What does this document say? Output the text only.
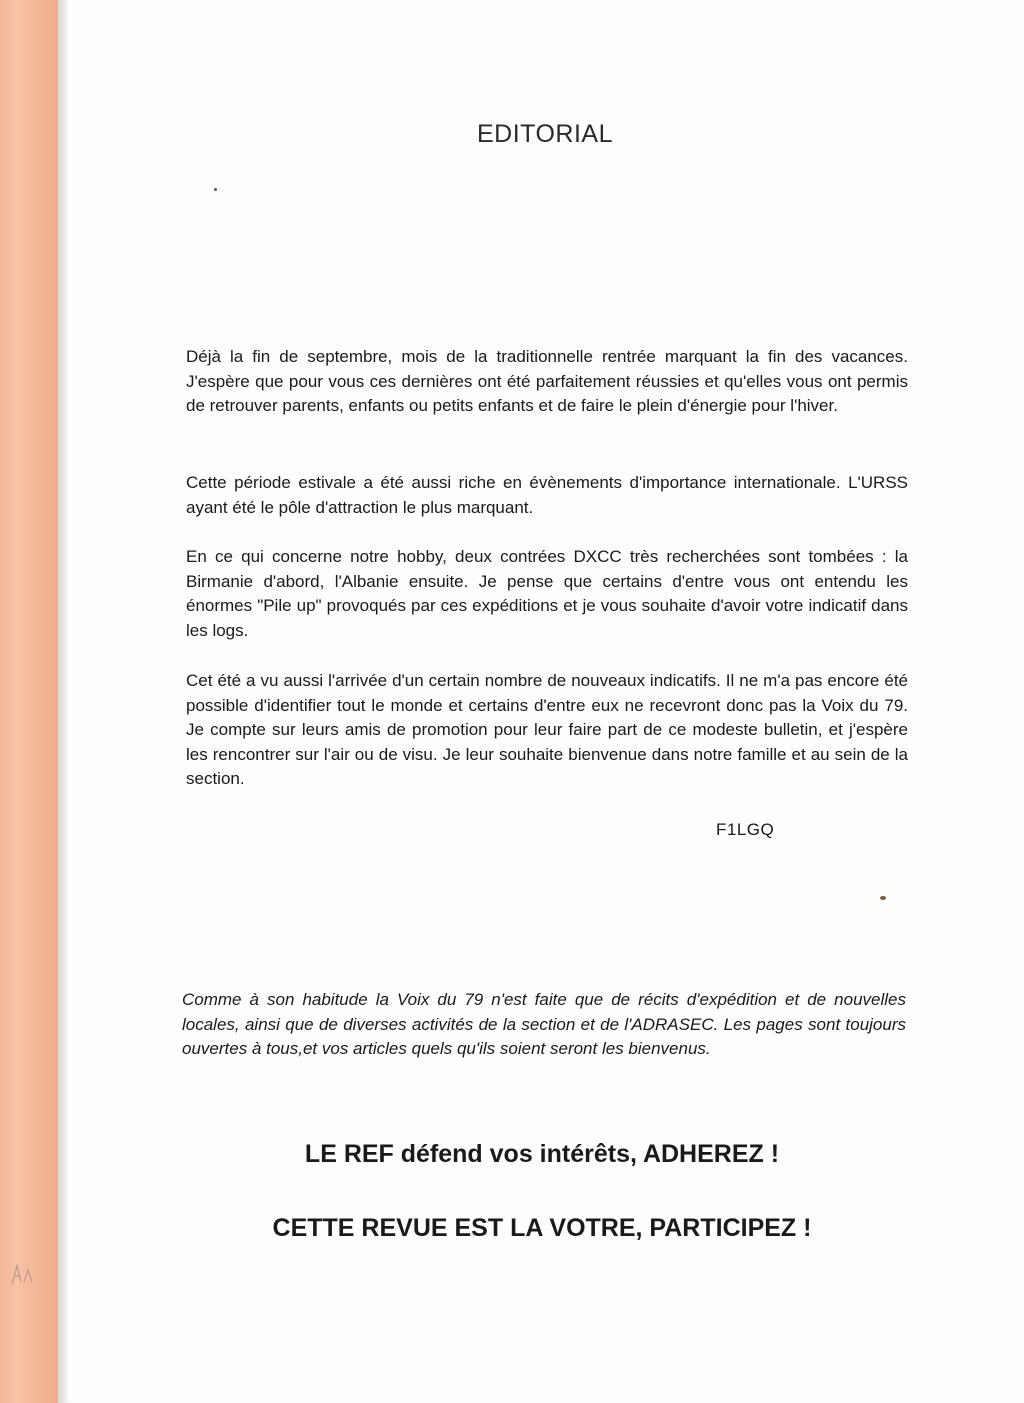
EDITORIAL

Déjà la fin de septembre, mois de la traditionnelle rentrée marquant la fin des vacances. J'espère que pour vous ces dernières ont été parfaitement réussies et qu'elles vous ont permis de retrouver parents, enfants ou petits enfants et de faire le plein d'énergie pour l'hiver.

Cette période estivale a été aussi riche en évènements d'importance internationale. L'URSS ayant été le pôle d'attraction le plus marquant.

En ce qui concerne notre hobby, deux contrées DXCC très recherchées sont tombées : la Birmanie d'abord, l'Albanie ensuite. Je pense que certains d'entre vous ont entendu les énormes "Pile up" provoqués par ces expéditions et je vous souhaite d'avoir votre indicatif dans les logs.

Cet été a vu aussi l'arrivée d'un certain nombre de nouveaux indicatifs. Il ne m'a pas encore été possible d'identifier tout le monde et certains d'entre eux ne recevront donc pas la Voix du 79. Je compte sur leurs amis de promotion pour leur faire part de ce modeste bulletin, et j'espère les rencontrer sur l'air ou de visu. Je leur souhaite bienvenue dans notre famille et au sein de la section.

F1LGQ

Comme à son habitude la Voix du 79 n'est faite que de récits d'expédition et de nouvelles locales, ainsi que de diverses activités de la section et de l'ADRASEC. Les pages sont toujours ouvertes à tous,et vos articles quels qu'ils soient seront les bienvenus.

LE REF défend vos intérêts, ADHEREZ !
CETTE REVUE EST LA VOTRE, PARTICIPEZ !
